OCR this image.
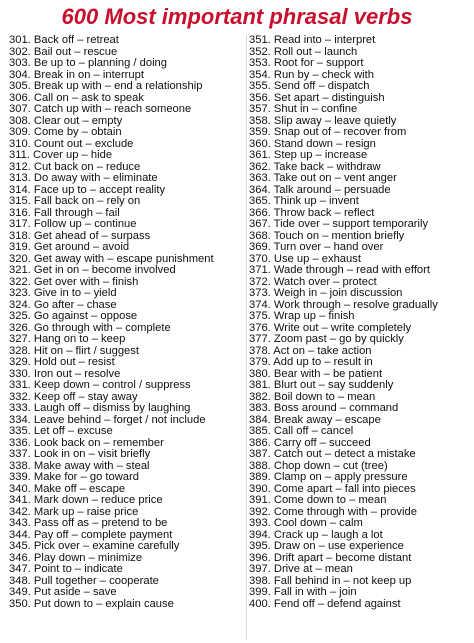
600 Most important phrasal verbs
301. Back off – retreat
302. Bail out – rescue
303. Be up to – planning / doing
304. Break in on – interrupt
305. Break up with – end a relationship
306. Call on – ask to speak
307. Catch up with – reach someone
308. Clear out – empty
309. Come by – obtain
310. Count out – exclude
311. Cover up – hide
312. Cut back on – reduce
313. Do away with – eliminate
314. Face up to – accept reality
315. Fall back on – rely on
316. Fall through – fail
317. Follow up – continue
318. Get ahead of – surpass
319. Get around – avoid
320. Get away with – escape punishment
321. Get in on – become involved
322. Get over with – finish
323. Give in to – yield
324. Go after – chase
325. Go against – oppose
326. Go through with – complete
327. Hang on to – keep
328. Hit on – flirt / suggest
329. Hold out – resist
330. Iron out – resolve
331. Keep down – control / suppress
332. Keep off – stay away
333. Laugh off – dismiss by laughing
334. Leave behind – forget / not include
335. Let off – excuse
336. Look back on – remember
337. Look in on – visit briefly
338. Make away with – steal
339. Make for – go toward
340. Make off – escape
341. Mark down – reduce price
342. Mark up – raise price
343. Pass off as – pretend to be
344. Pay off – complete payment
345. Pick over – examine carefully
346. Play down – minimize
347. Point to – indicate
348. Pull together – cooperate
349. Put aside – save
350. Put down to – explain cause
351. Read into – interpret
352. Roll out – launch
353. Root for – support
354. Run by – check with
355. Send off – dispatch
356. Set apart – distinguish
357. Shut in – confine
358. Slip away – leave quietly
359. Snap out of – recover from
360. Stand down – resign
361. Step up – increase
362. Take back – withdraw
363. Take out on – vent anger
364. Talk around – persuade
365. Think up – invent
366. Throw back – reflect
367. Tide over – support temporarily
368. Touch on – mention briefly
369. Turn over – hand over
370. Use up – exhaust
371. Wade through – read with effort
372. Watch over – protect
373. Weigh in – join discussion
374. Work through – resolve gradually
375. Wrap up – finish
376. Write out – write completely
377. Zoom past – go by quickly
378. Act on – take action
379. Add up to – result in
380. Bear with – be patient
381. Blurt out – say suddenly
382. Boil down to – mean
383. Boss around – command
384. Break away – escape
385. Call off – cancel
386. Carry off – succeed
387. Catch out – detect a mistake
388. Chop down – cut (tree)
389. Clamp on – apply pressure
390. Come apart – fall into pieces
391. Come down to – mean
392. Come through with – provide
393. Cool down – calm
394. Crack up – laugh a lot
395. Draw on – use experience
396. Drift apart – become distant
397. Drive at – mean
398. Fall behind in – not keep up
399. Fall in with – join
400. Fend off – defend against
